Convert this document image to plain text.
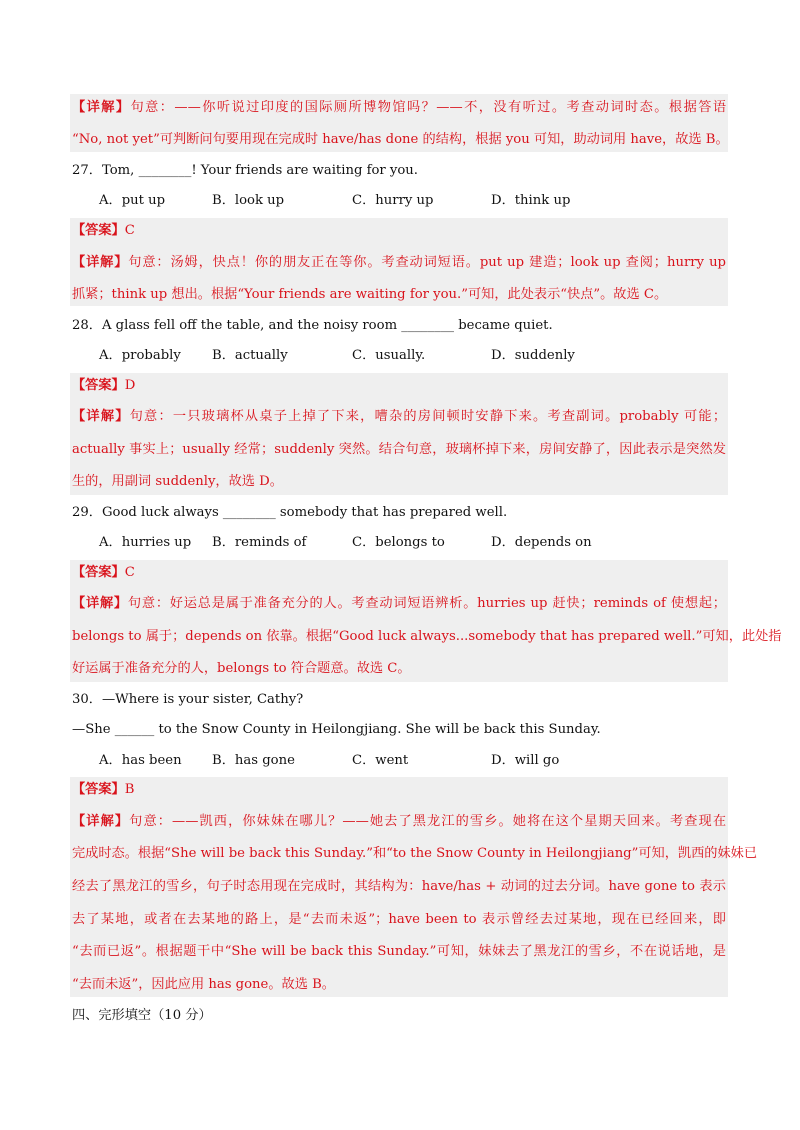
【详解】句意：——你听说过印度的国际厕所博物馆吗？——不，没有听过。考查动词时态。根据答语
“No, not yet”可判断问句要用现在完成时 have/has done 的结构，根据 you 可知，助动词用 have，故选 B。
27．Tom, ________! Your friends are waiting for you.
A．put up	B．look up	C．hurry up	D．think up
【答案】C
【详解】句意：汤姆，快点！你的朋友正在等你。考查动词短语。put up 建造；look up 查阅；hurry up
抓紧；think up 想出。根据“Your friends are waiting for you.”可知，此处表示“快点”。故选 C。
28．A glass fell off the table, and the noisy room ________ became quiet.
A．probably B．actually	C．usually.	D．suddenly
【答案】D
【详解】句意：一只玻璃杯从桌子上掉了下来，嘈杂的房间顿时安静下来。考查副词。probably 可能；
actually 事实上；usually 经常；suddenly 突然。结合句意，玻璃杯掉下来，房间安静了，因此表示是突然发
生的，用副词 suddenly，故选 D。
29．Good luck always ________ somebody that has prepared well.
A．hurries up B．reminds of	C．belongs to	D．depends on
【答案】C
【详解】句意：好运总是属于准备充分的人。考查动词短语辨析。hurries up 赶快；reminds of 使想起；
belongs to 属于；depends on 依靠。根据“Good luck always...somebody that has prepared well.”可知，此处指
好运属于准备充分的人，belongs to 符合题意。故选 C。
30．—Where is your sister, Cathy?
—She ______ to the Snow County in Heilongjiang. She will be back this Sunday.
A．has been B．has gone	C．went	D．will go
【答案】B
【详解】句意：——凯西，你妹妹在哪儿？——她去了黑龙江的雪乡。她将在这个星期天回来。考查现在
完成时态。根据“She will be back this Sunday.”和“to the Snow County in Heilongjiang”可知，凯西的妹妹已
经去了黑龙江的雪乡，句子时态用现在完成时，其结构为：have/has + 动词的过去分词。have gone to 表示
去了某地，或者在去某地的路上，是“去而未返”；have been to 表示曾经去过某地，现在已经回来，即
“去而已返”。根据题干中“She will be back this Sunday.”可知，妹妹去了黑龙江的雪乡，不在说话地，是
“去而未返”，因此应用 has gone。故选 B。
四、完形填空（10 分）
